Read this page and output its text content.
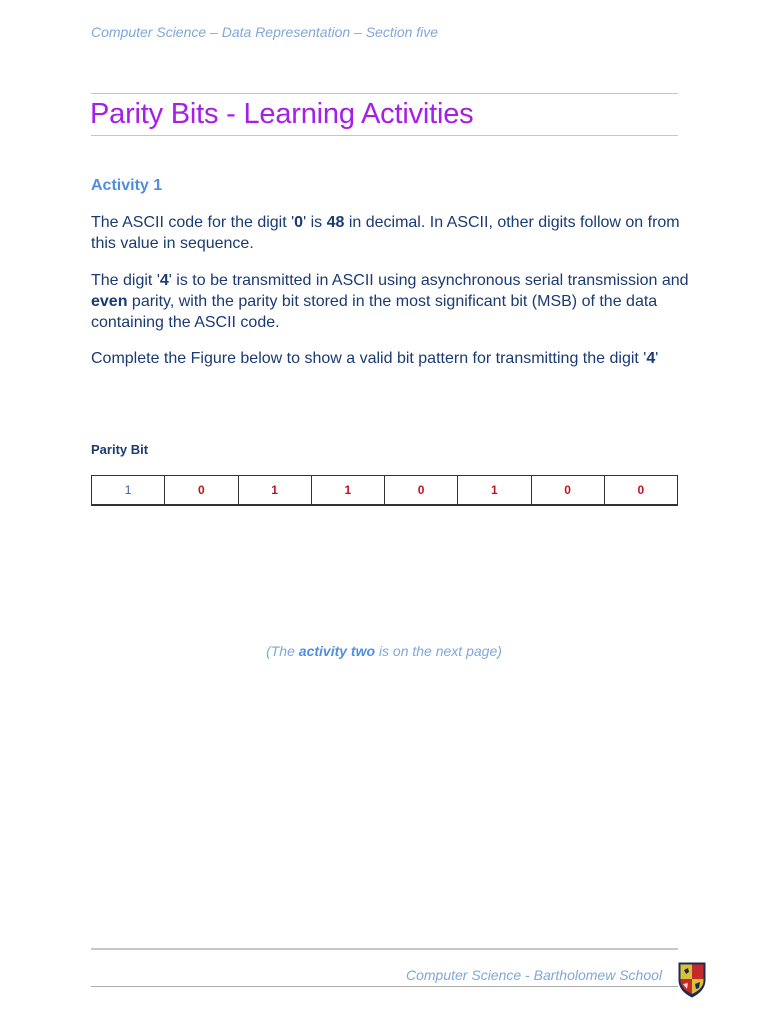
Computer Science – Data Representation – Section five
Parity Bits - Learning Activities
Activity 1

The ASCII code for the digit '0' is 48 in decimal. In ASCII, other digits follow on from this value in sequence.

The digit '4' is to be transmitted in ASCII using asynchronous serial transmission and even parity, with the parity bit stored in the most significant bit (MSB) of the data containing the ASCII code.

Complete the Figure below to show a valid bit pattern for transmitting the digit '4'

Parity Bit
1	0	1	1	0	1	0	0
(The activity two is on the next page)
Computer Science - Bartholomew School
